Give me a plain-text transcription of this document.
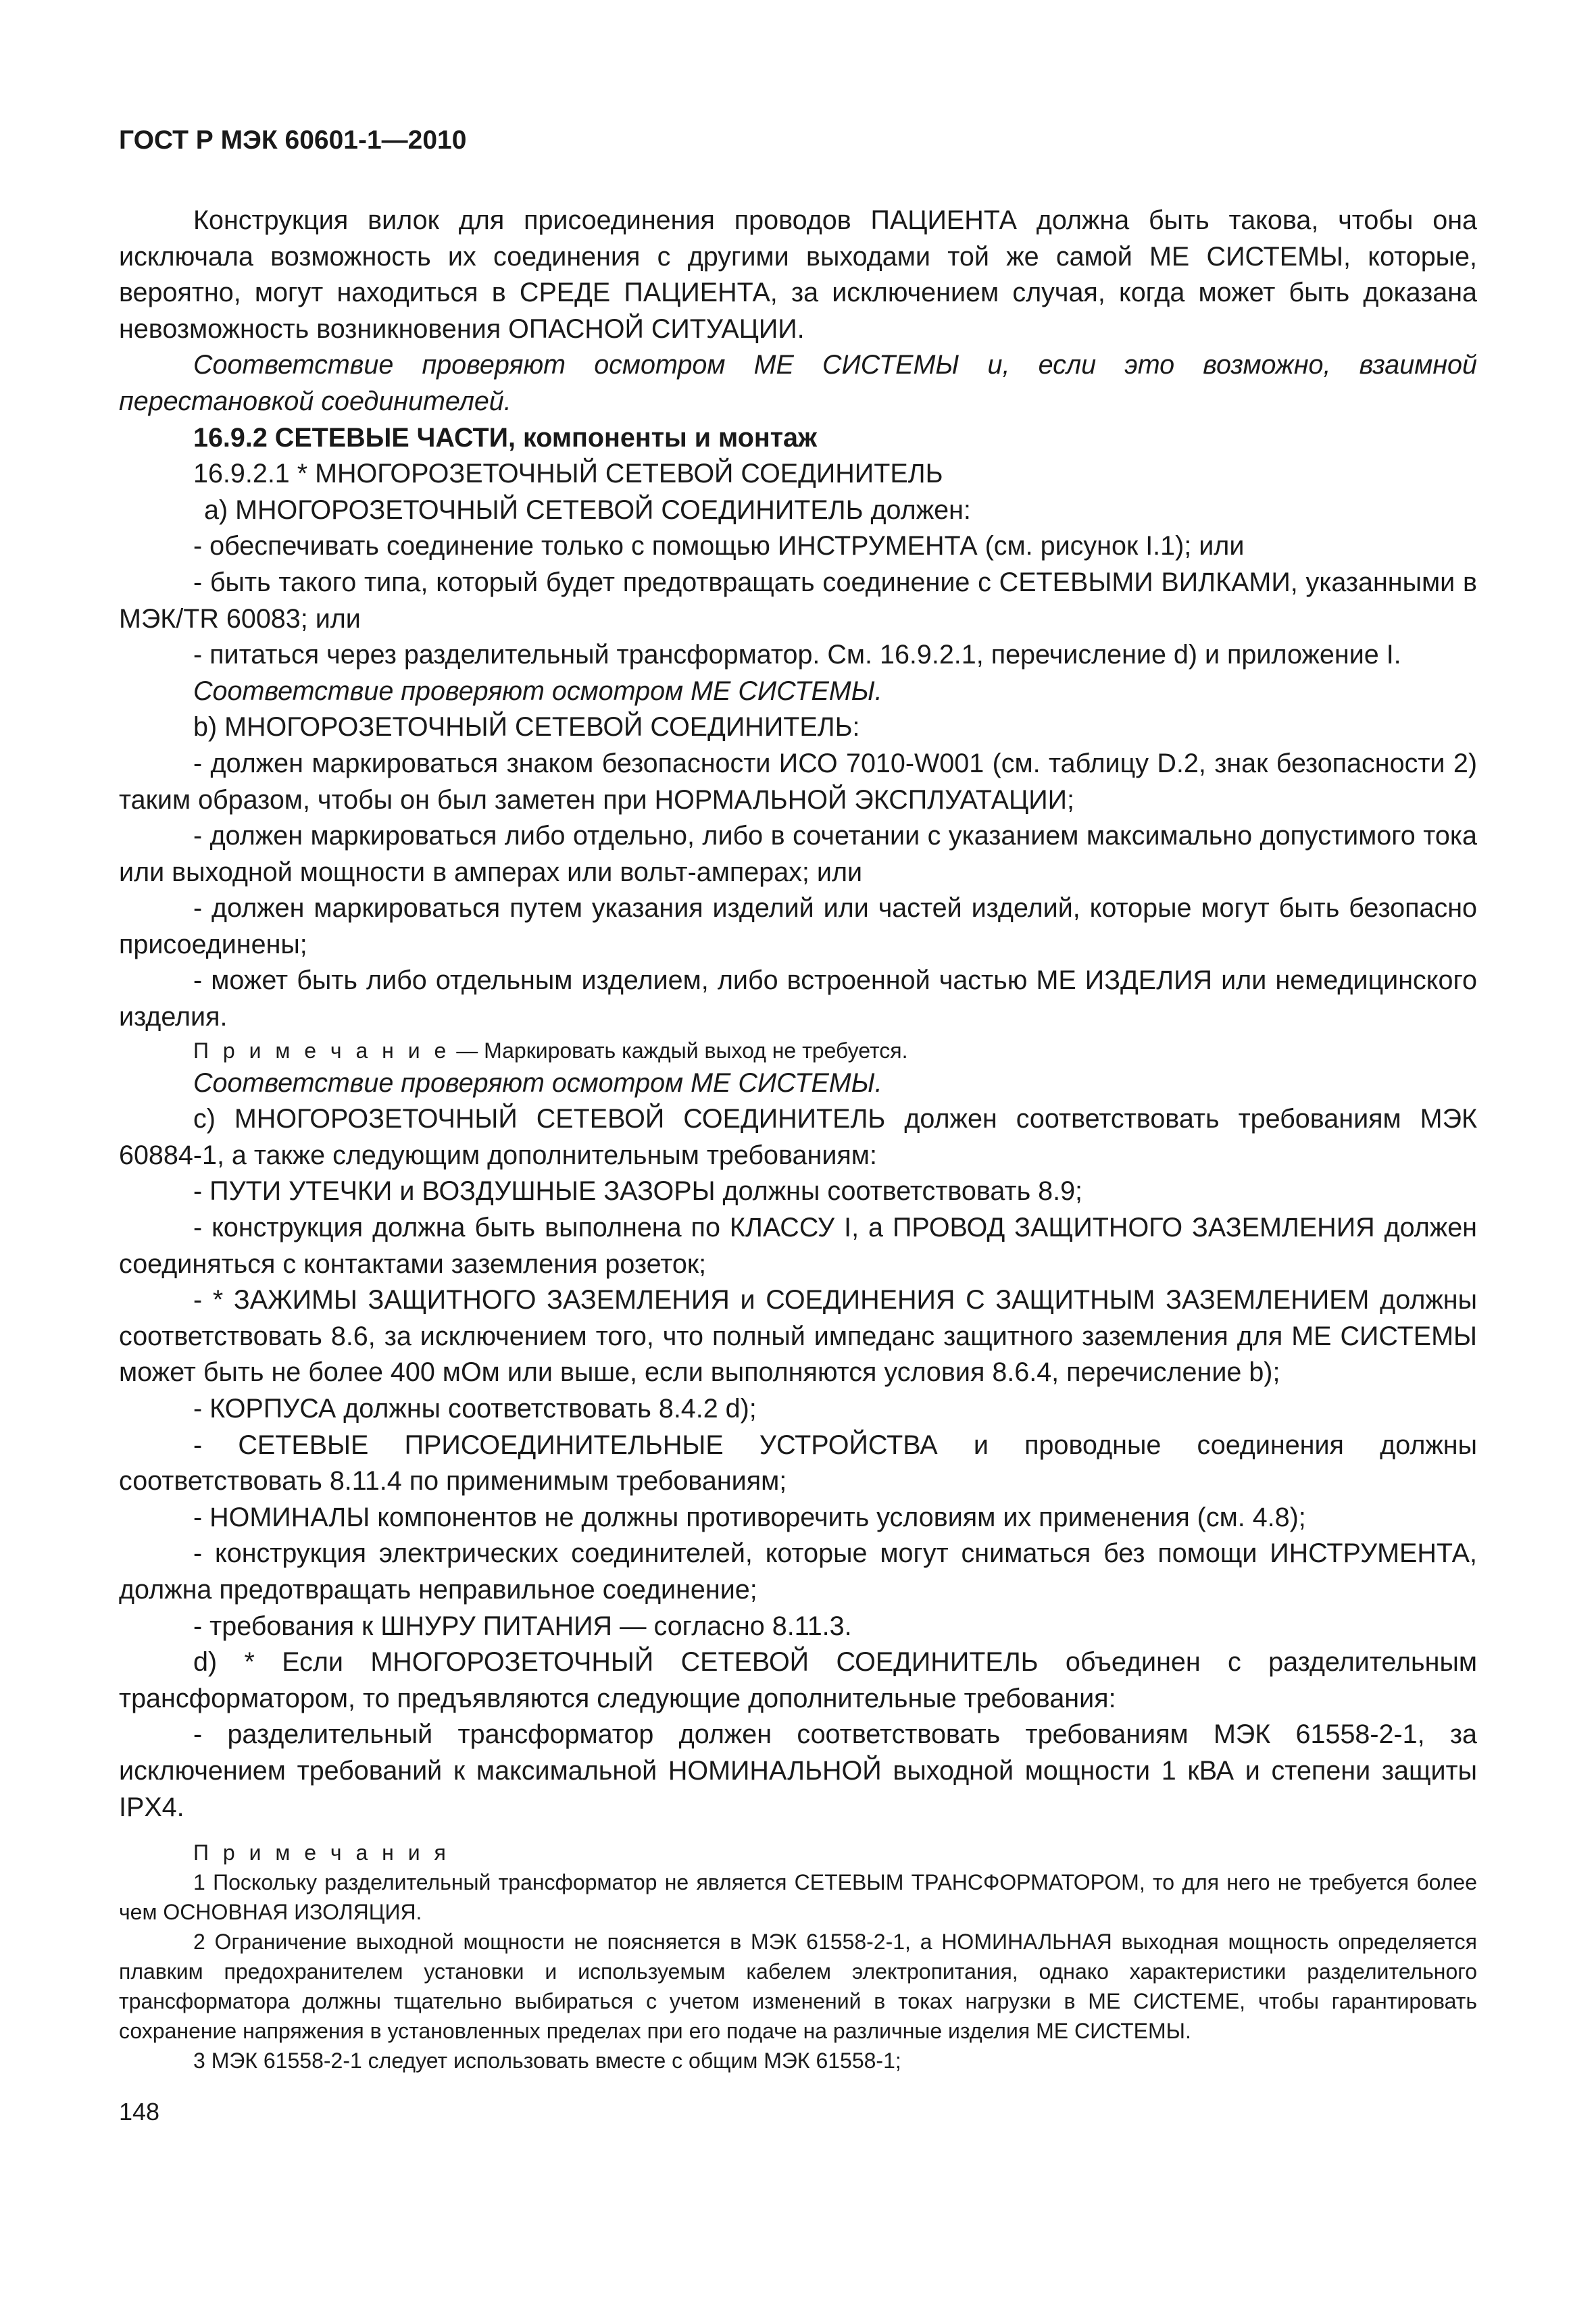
ГОСТ Р МЭК 60601-1—2010

Конструкция вилок для присоединения проводов ПАЦИЕНТА должна быть такова, чтобы она исключала возможность их соединения с другими выходами той же самой МЕ СИСТЕМЫ, которые, вероятно, могут находиться в СРЕДЕ ПАЦИЕНТА, за исключением случая, когда может быть доказана невозможность возникновения ОПАСНОЙ СИТУАЦИИ.

Соответствие проверяют осмотром МЕ СИСТЕМЫ и, если это возможно, взаимной перестановкой соединителей.

16.9.2 СЕТЕВЫЕ ЧАСТИ, компоненты и монтаж

16.9.2.1 * МНОГОРОЗЕТОЧНЫЙ СЕТЕВОЙ СОЕДИНИТЕЛЬ

a) МНОГОРОЗЕТОЧНЫЙ СЕТЕВОЙ СОЕДИНИТЕЛЬ должен:

- обеспечивать соединение только с помощью ИНСТРУМЕНТА (см. рисунок I.1); или

- быть такого типа, который будет предотвращать соединение с СЕТЕВЫМИ ВИЛКАМИ, указанными в МЭК/TR 60083; или

- питаться через разделительный трансформатор. См. 16.9.2.1, перечисление d) и приложение I.

Соответствие проверяют осмотром МЕ СИСТЕМЫ.

b) МНОГОРОЗЕТОЧНЫЙ СЕТЕВОЙ СОЕДИНИТЕЛЬ:

- должен маркироваться знаком безопасности ИСО 7010-W001 (см. таблицу D.2, знак безопасности 2) таким образом, чтобы он был заметен при НОРМАЛЬНОЙ ЭКСПЛУАТАЦИИ;

- должен маркироваться либо отдельно, либо в сочетании с указанием максимально допустимого тока или выходной мощности в амперах или вольт-амперах; или

- должен маркироваться путем указания изделий или частей изделий, которые могут быть безопасно присоединены;

- может быть либо отдельным изделием, либо встроенной частью МЕ ИЗДЕЛИЯ или немедицинского изделия.

П р и м е ч а н и е — Маркировать каждый выход не требуется.

Соответствие проверяют осмотром МЕ СИСТЕМЫ.

c) МНОГОРОЗЕТОЧНЫЙ СЕТЕВОЙ СОЕДИНИТЕЛЬ должен соответствовать требованиям МЭК 60884-1, а также следующим дополнительным требованиям:

- ПУТИ УТЕЧКИ и ВОЗДУШНЫЕ ЗАЗОРЫ должны соответствовать 8.9;

- конструкция должна быть выполнена по КЛАССУ I, а ПРОВОД ЗАЩИТНОГО ЗАЗЕМЛЕНИЯ должен соединяться с контактами заземления розеток;

- * ЗАЖИМЫ ЗАЩИТНОГО ЗАЗЕМЛЕНИЯ и СОЕДИНЕНИЯ С ЗАЩИТНЫМ ЗАЗЕМЛЕНИЕМ должны соответствовать 8.6, за исключением того, что полный импеданс защитного заземления для МЕ СИСТЕМЫ может быть не более 400 мОм или выше, если выполняются условия 8.6.4, перечисление b);

- КОРПУСА должны соответствовать 8.4.2 d);

- СЕТЕВЫЕ ПРИСОЕДИНИТЕЛЬНЫЕ УСТРОЙСТВА и проводные соединения должны соответствовать 8.11.4 по применимым требованиям;

- НОМИНАЛЫ компонентов не должны противоречить условиям их применения (см. 4.8);

- конструкция электрических соединителей, которые могут сниматься без помощи ИНСТРУМЕНТА, должна предотвращать неправильное соединение;

- требования к ШНУРУ ПИТАНИЯ — согласно 8.11.3.

d) * Если МНОГОРОЗЕТОЧНЫЙ СЕТЕВОЙ СОЕДИНИТЕЛЬ объединен с разделительным трансформатором, то предъявляются следующие дополнительные требования:

- разделительный трансформатор должен соответствовать требованиям МЭК 61558-2-1, за исключением требований к максимальной НОМИНАЛЬНОЙ выходной мощности 1 кВА и степени защиты IPX4.

П р и м е ч а н и я

1 Поскольку разделительный трансформатор не является СЕТЕВЫМ ТРАНСФОРМАТОРОМ, то для него не требуется более чем ОСНОВНАЯ ИЗОЛЯЦИЯ.

2 Ограничение выходной мощности не поясняется в МЭК 61558-2-1, а НОМИНАЛЬНАЯ выходная мощность определяется плавким предохранителем установки и используемым кабелем электропитания, однако характеристики разделительного трансформатора должны тщательно выбираться с учетом изменений в токах нагрузки в МЕ СИСТЕМЕ, чтобы гарантировать сохранение напряжения в установленных пределах при его подаче на различные изделия МЕ СИСТЕМЫ.

3 МЭК 61558-2-1 следует использовать вместе с общим МЭК 61558-1;

148
